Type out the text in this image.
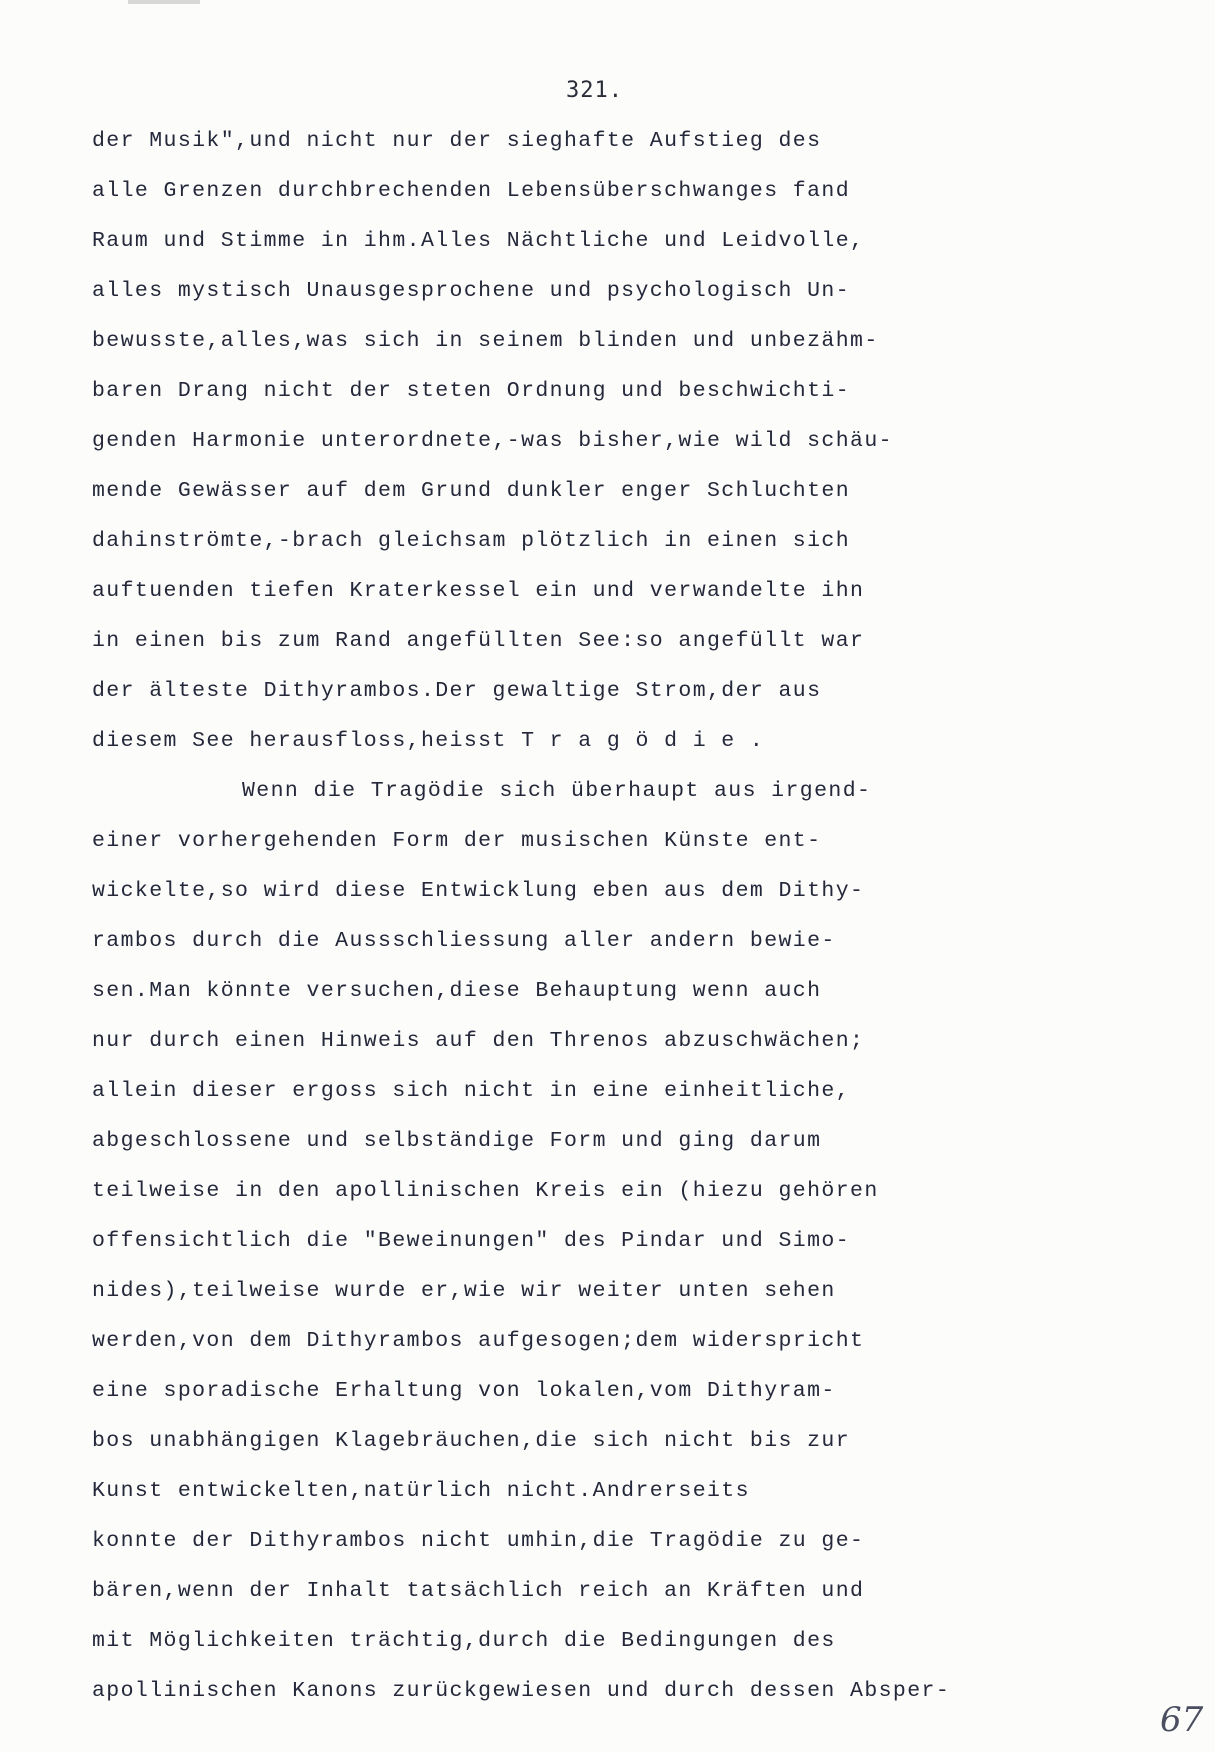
321.
der Musik",und nicht nur der sieghafte Aufstieg des
alle Grenzen durchbrechenden Lebensüberschwanges fand
Raum und Stimme in ihm.Alles Nächtliche und Leidvolle,
alles mystisch Unausgesprochene und psychologisch Un-
bewusste,alles,was sich in seinem blinden und unbezähm-
baren Drang nicht der steten Ordnung und beschwichti-
genden Harmonie unterordnete,-was bisher,wie wild schäu-
mende Gewässer auf dem Grund dunkler enger Schluchten
dahinströmte,-brach gleichsam plötzlich in einen sich
auftuenden tiefen Kraterkessel ein und verwandelte ihn
in einen bis zum Rand angefüllten See:so angefüllt war
der älteste Dithyrambos.Der gewaltige Strom,der aus
diesem See herausfloss,heisst T r a g ö d i e .
Wenn die Tragödie sich überhaupt aus irgend-
einer vorhergehenden Form der musischen Künste ent-
wickelte,so wird diese Entwicklung eben aus dem Dithy-
rambos durch die Aussschliessung aller andern bewie-
sen.Man könnte versuchen,diese Behauptung wenn auch
nur durch einen Hinweis auf den Threnos abzuschwächen;
allein dieser ergoss sich nicht in eine einheitliche,
abgeschlossene und selbständige Form und ging darum
teilweise in den apollinischen Kreis ein (hiezu gehören
offensichtlich die "Beweinungen" des Pindar und Simo-
nides),teilweise wurde er,wie wir weiter unten sehen
werden,von dem Dithyrambos aufgesogen;dem widerspricht
eine sporadische Erhaltung von lokalen,vom Dithyram-
bos unabhängigen Klagebräuchen,die sich nicht bis zur
Kunst entwickelten,natürlich nicht.Andrerseits
konnte der Dithyrambos nicht umhin,die Tragödie zu ge-
bären,wenn der Inhalt tatsächlich reich an Kräften und
mit Möglichkeiten trächtig,durch die Bedingungen des
apollinischen Kanons zurückgewiesen und durch dessen Absper-
67
